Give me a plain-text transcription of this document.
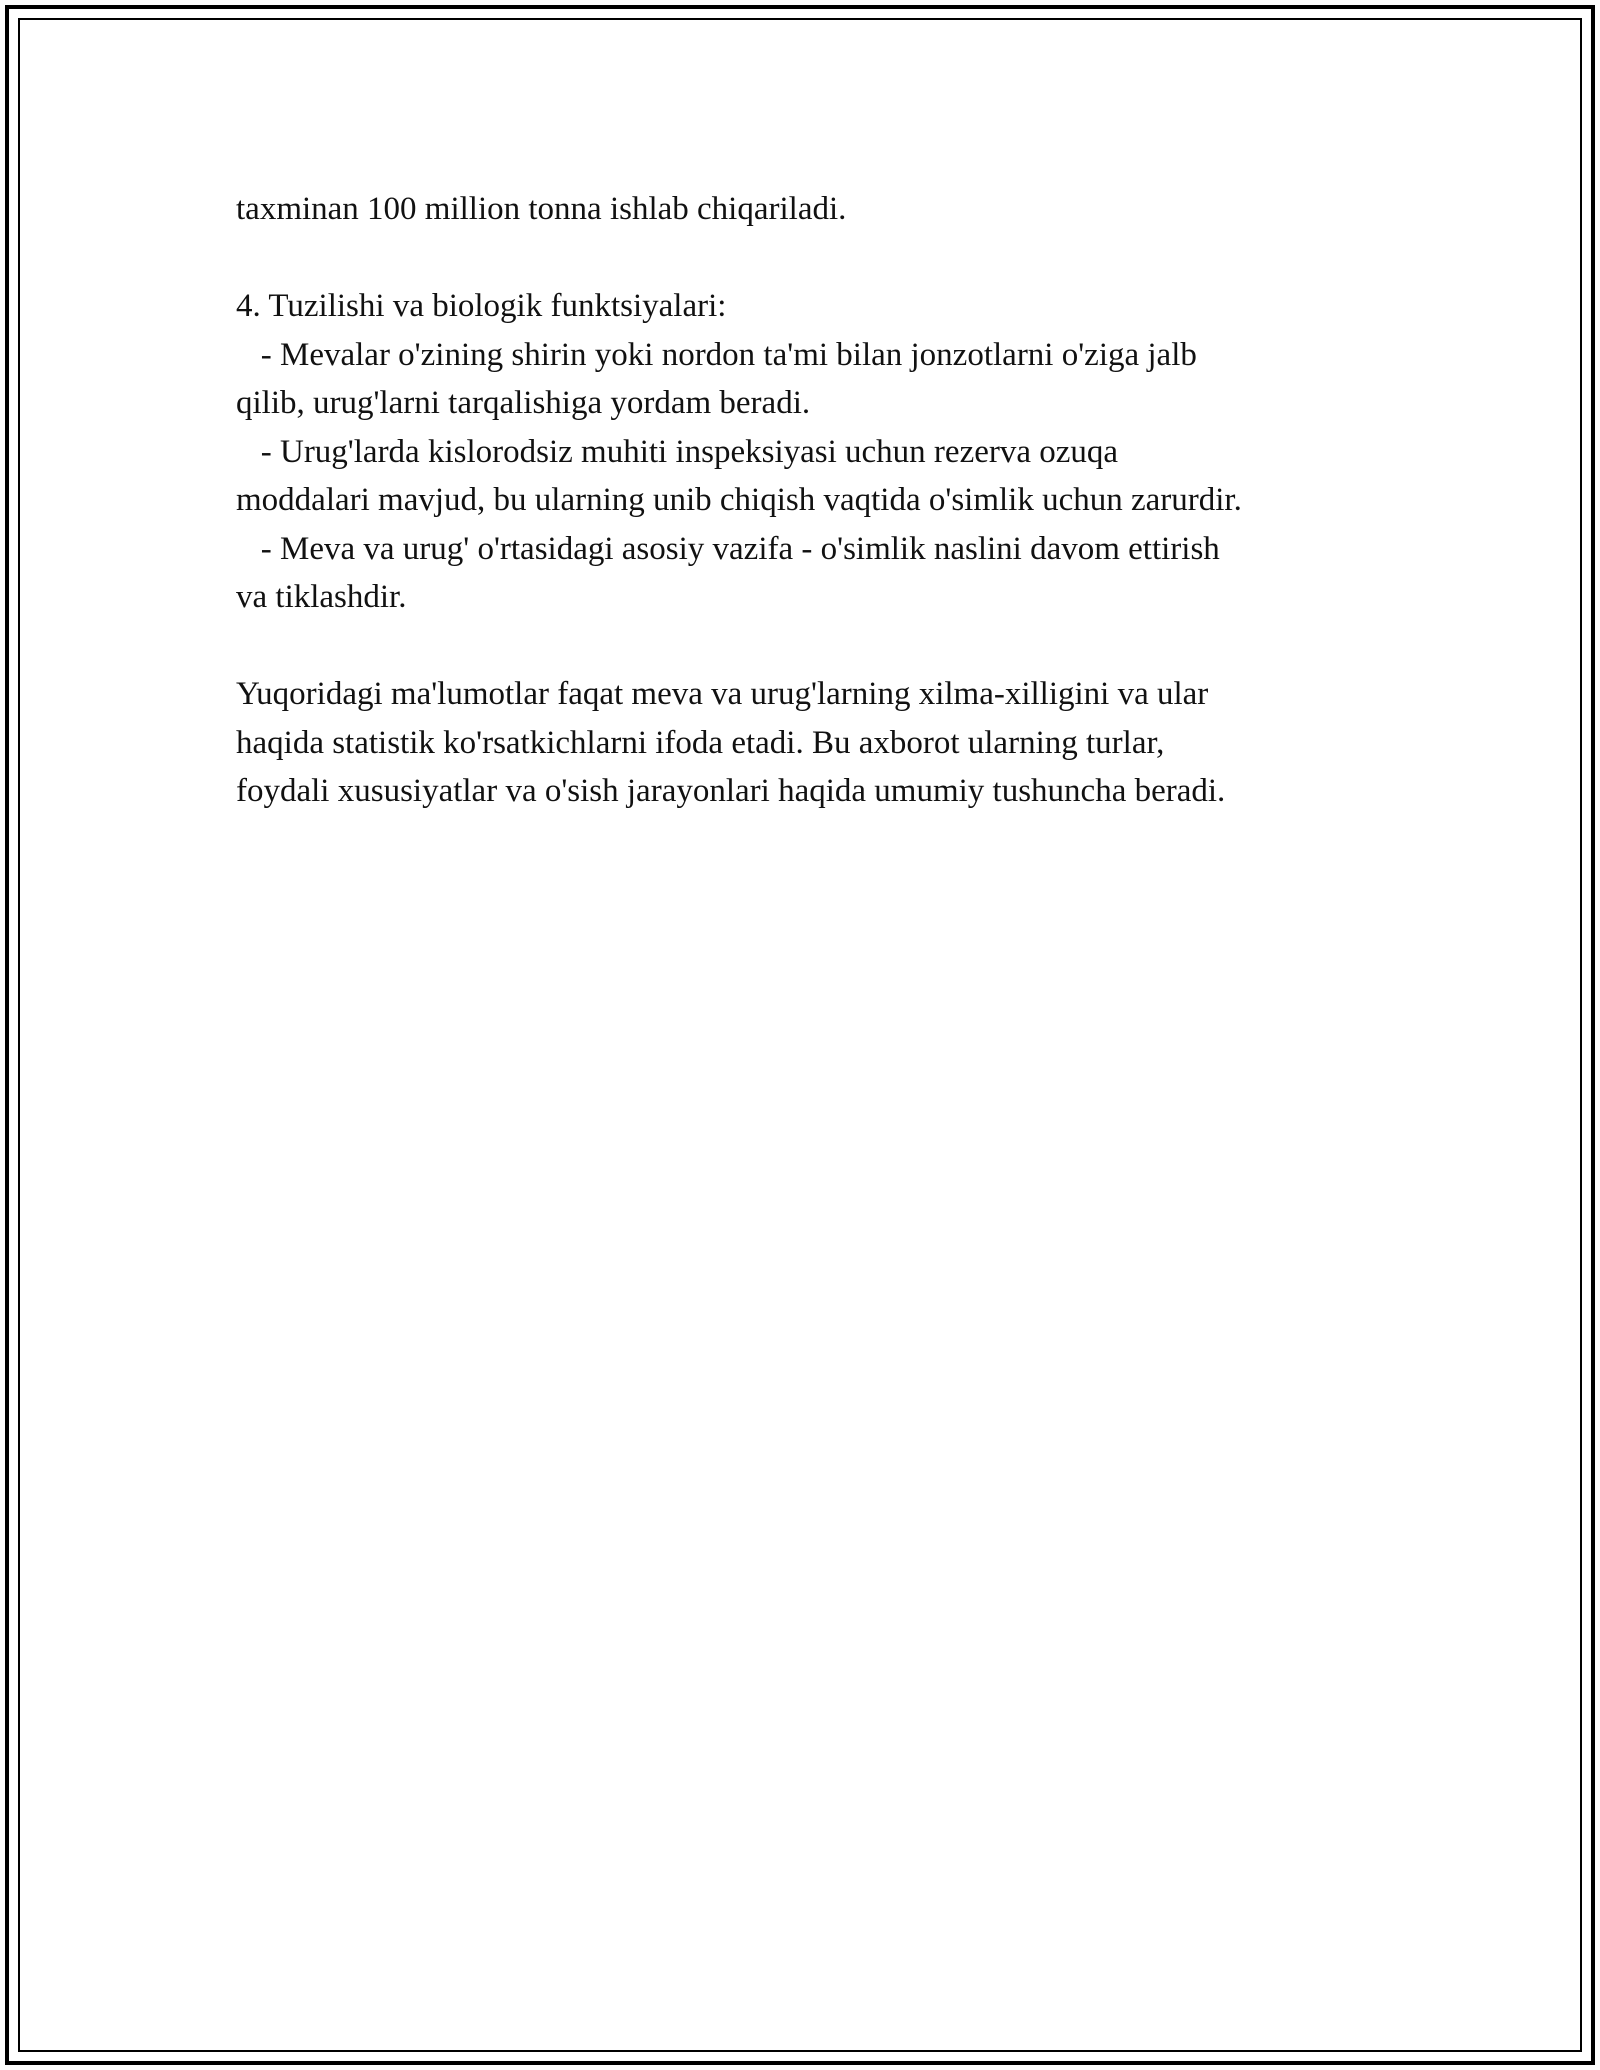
taxminan 100 million tonna ishlab chiqariladi.

4. Tuzilishi va biologik funktsiyalari:

- Mevalar o'zining shirin yoki nordon ta'mi bilan jonzotlarni o'ziga jalb

qilib, urug'larni tarqalishiga yordam beradi.

- Urug'larda kislorodsiz muhiti inspeksiyasi uchun rezerva ozuqa

moddalari mavjud, bu ularning unib chiqish vaqtida o'simlik uchun zarurdir.

- Meva va urug' o'rtasidagi asosiy vazifa - o'simlik naslini davom ettirish

va tiklashdir.

Yuqoridagi ma'lumotlar faqat meva va urug'larning xilma-xilligini va ular

haqida statistik ko'rsatkichlarni ifoda etadi. Bu axborot ularning turlar,

foydali xususiyatlar va o'sish jarayonlari haqida umumiy tushuncha beradi.
